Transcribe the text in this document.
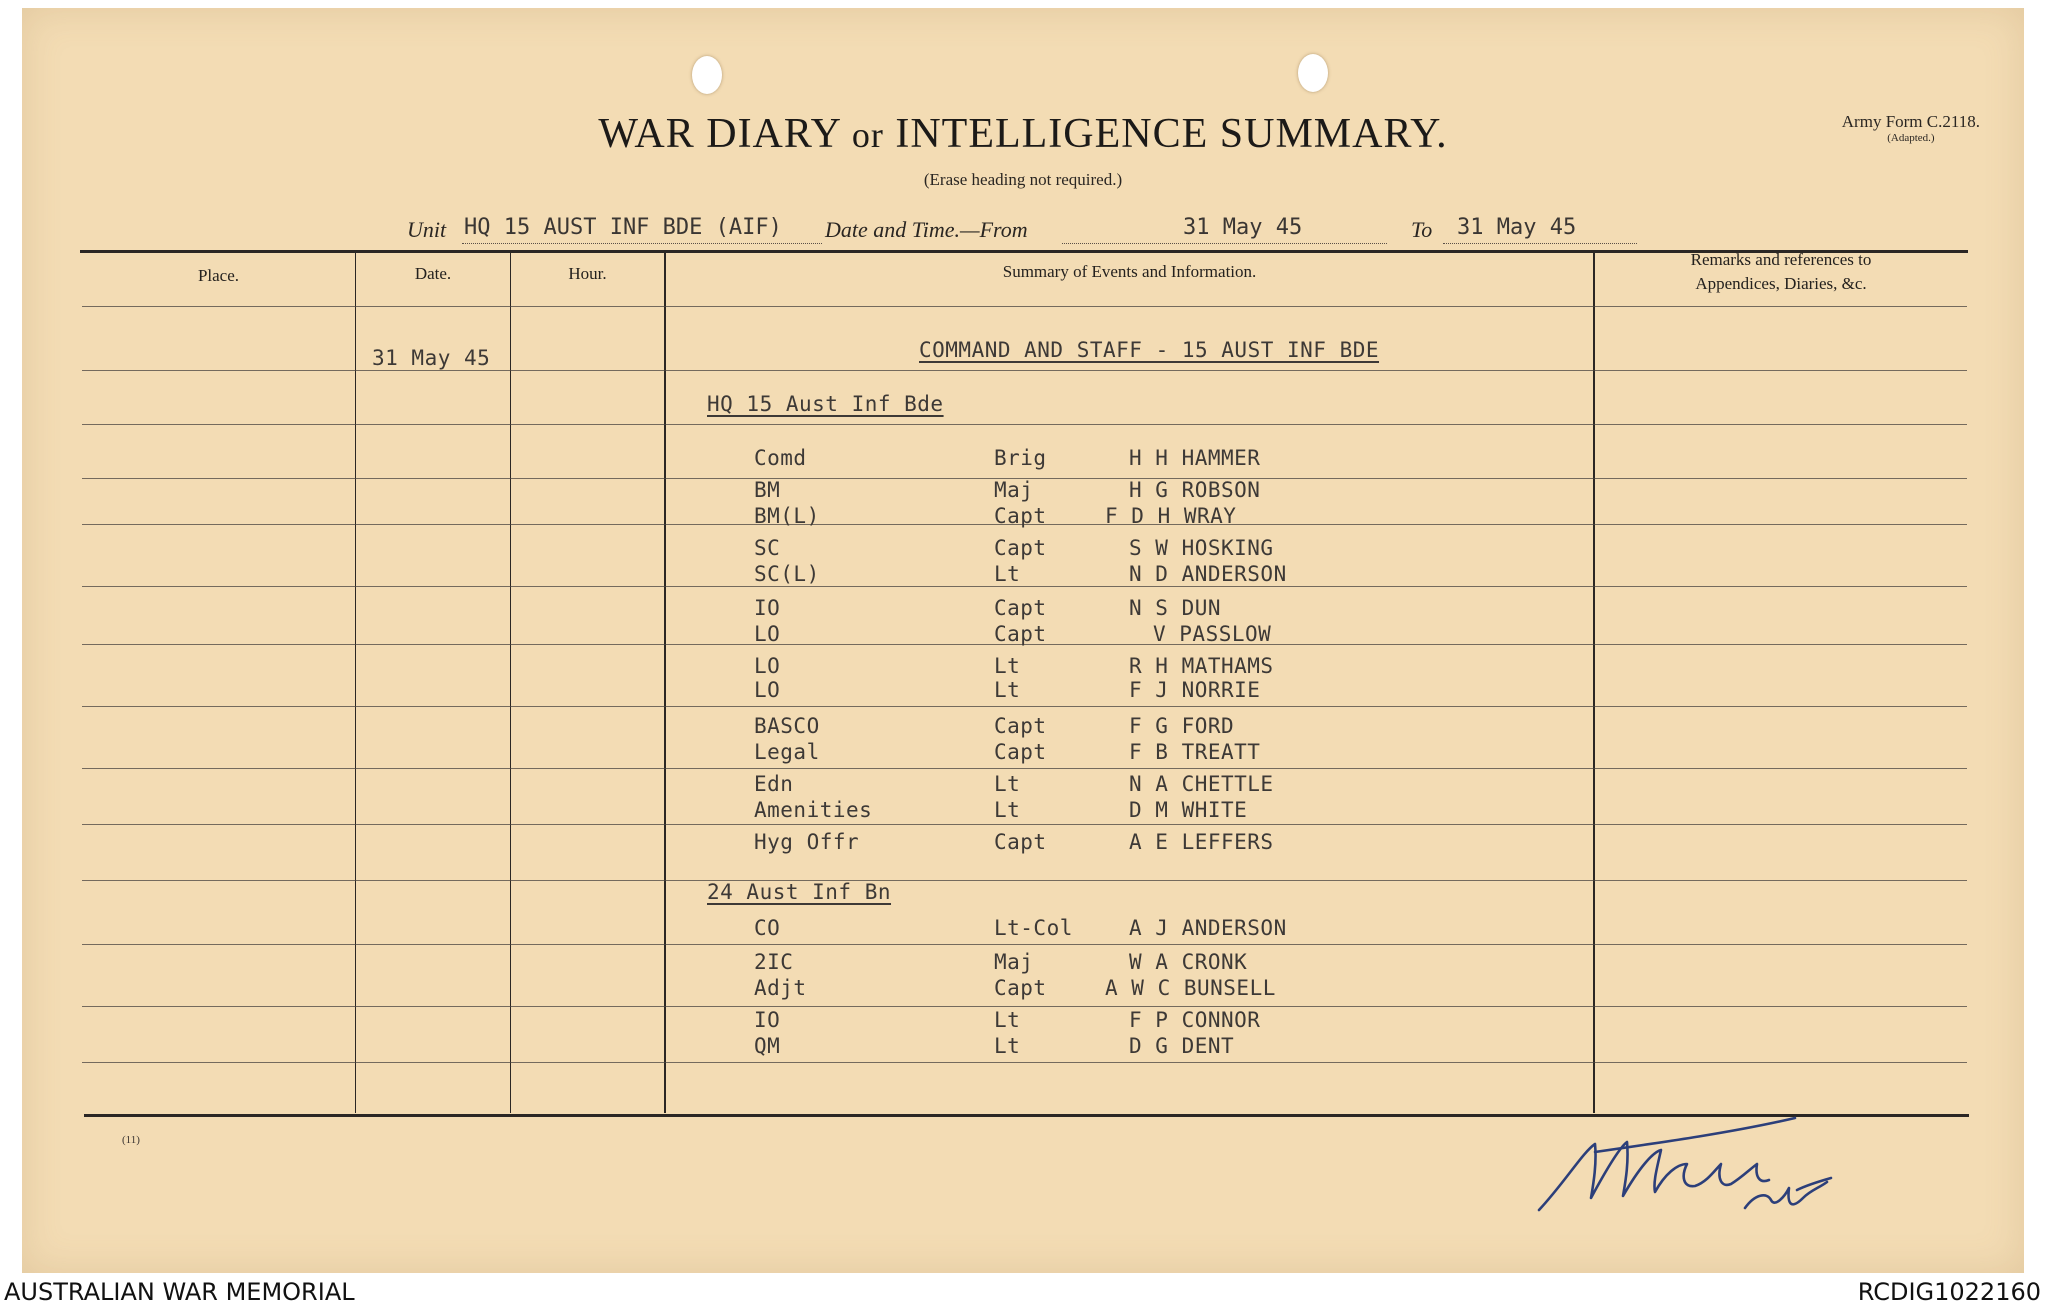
WAR DIARY or INTELLIGENCE SUMMARY.
(Erase heading not required.)
Army Form C.2118.
(Adapted.)
Unit HQ 15 AUST INF BDE (AIF) Date and Time.—From	31 May 45	To 31 May 45
Place.	Date.	Hour.	Summary of Events and Information.
Remarks and references to
Appendices, Diaries, &c.
31 May 45	COMMAND AND STAFF - 15 AUST INF BDE
HQ 15 Aust Inf Bde
Comd	Brig	H H HAMMER
BM	Maj	H G ROBSON
BM(L)	Capt	F D H WRAY
SC	Capt	S W HOSKING
SC(L)	Lt	N D ANDERSON
IO	Capt	N S DUN
LO	Capt	V PASSLOW
LO	Lt	R H MATHAMS
LO	Lt	F J NORRIE
BASCO	Capt	F G FORD
Legal	Capt	F B TREATT
Edn	Lt	N A CHETTLE
Amenities	Lt	D M WHITE
Hyg Offr	Capt	A E LEFFERS
24 Aust Inf Bn
CO	Lt-Col	A J ANDERSON
2IC	Maj	W A CRONK
Adjt	Capt	A W C BUNSELL
IO	Lt	F P CONNOR
QM	Lt	D G DENT
(11)
AUSTRALIAN WAR MEMORIAL	RCDIG1022160
